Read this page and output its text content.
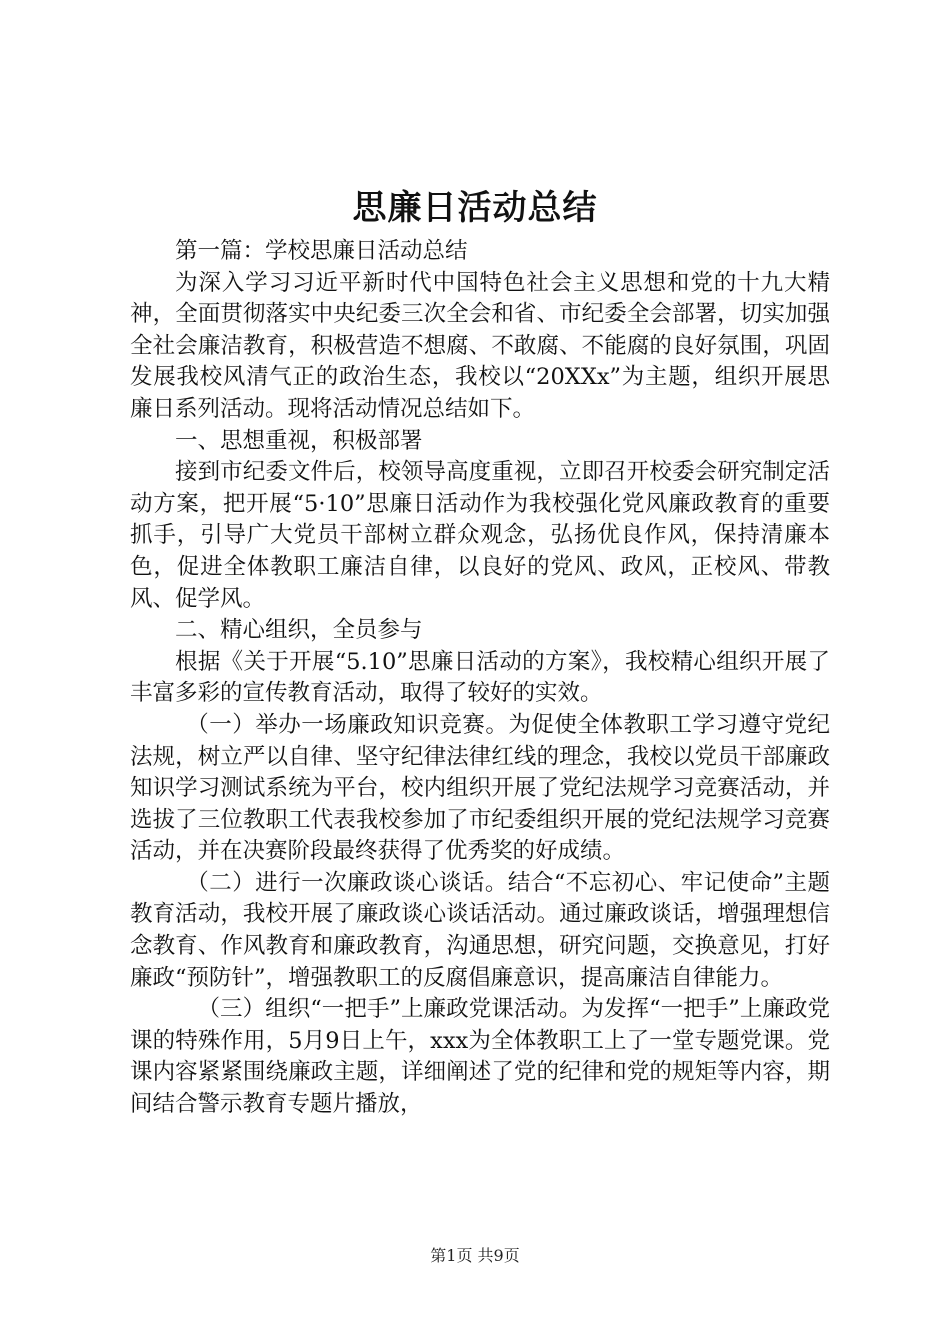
思廉日活动总结

第一篇：学校思廉日活动总结

为深入学习习近平新时代中国特色社会主义思想和党的十九大精神，全面贯彻落实中央纪委三次全会和省、市纪委全会部署，切实加强全社会廉洁教育，积极营造不想腐、不敢腐、不能腐的良好氛围，巩固发展我校风清气正的政治生态，我校以“20XXx”为主题，组织开展思廉日系列活动。现将活动情况总结如下。

一、思想重视，积极部署

接到市纪委文件后，校领导高度重视，立即召开校委会研究制定活动方案，把开展“5·10”思廉日活动作为我校强化党风廉政教育的重要抓手，引导广大党员干部树立群众观念，弘扬优良作风，保持清廉本色，促进全体教职工廉洁自律，以良好的党风、政风，正校风、带教风、促学风。

二、精心组织，全员参与

根据《关于开展“5.10”思廉日活动的方案》，我校精心组织开展了丰富多彩的宣传教育活动，取得了较好的实效。

（一）举办一场廉政知识竞赛。为促使全体教职工学习遵守党纪法规，树立严以自律、坚守纪律法律红线的理念，我校以党员干部廉政知识学习测试系统为平台，校内组织开展了党纪法规学习竞赛活动，并选拔了三位教职工代表我校参加了市纪委组织开展的党纪法规学习竞赛活动，并在决赛阶段最终获得了优秀奖的好成绩。

（二）进行一次廉政谈心谈话。结合“不忘初心、牢记使命”主题教育活动，我校开展了廉政谈心谈话活动。通过廉政谈话，增强理想信念教育、作风教育和廉政教育，沟通思想，研究问题，交换意见，打好廉政“预防针”，增强教职工的反腐倡廉意识，提高廉洁自律能力。

（三）组织“一把手”上廉政党课活动。为发挥“一把手”上廉政党课的特殊作用，5月9日上午，xxx为全体教职工上了一堂专题党课。党课内容紧紧围绕廉政主题，详细阐述了党的纪律和党的规矩等内容，期间结合警示教育专题片播放，

第1页 共9页
